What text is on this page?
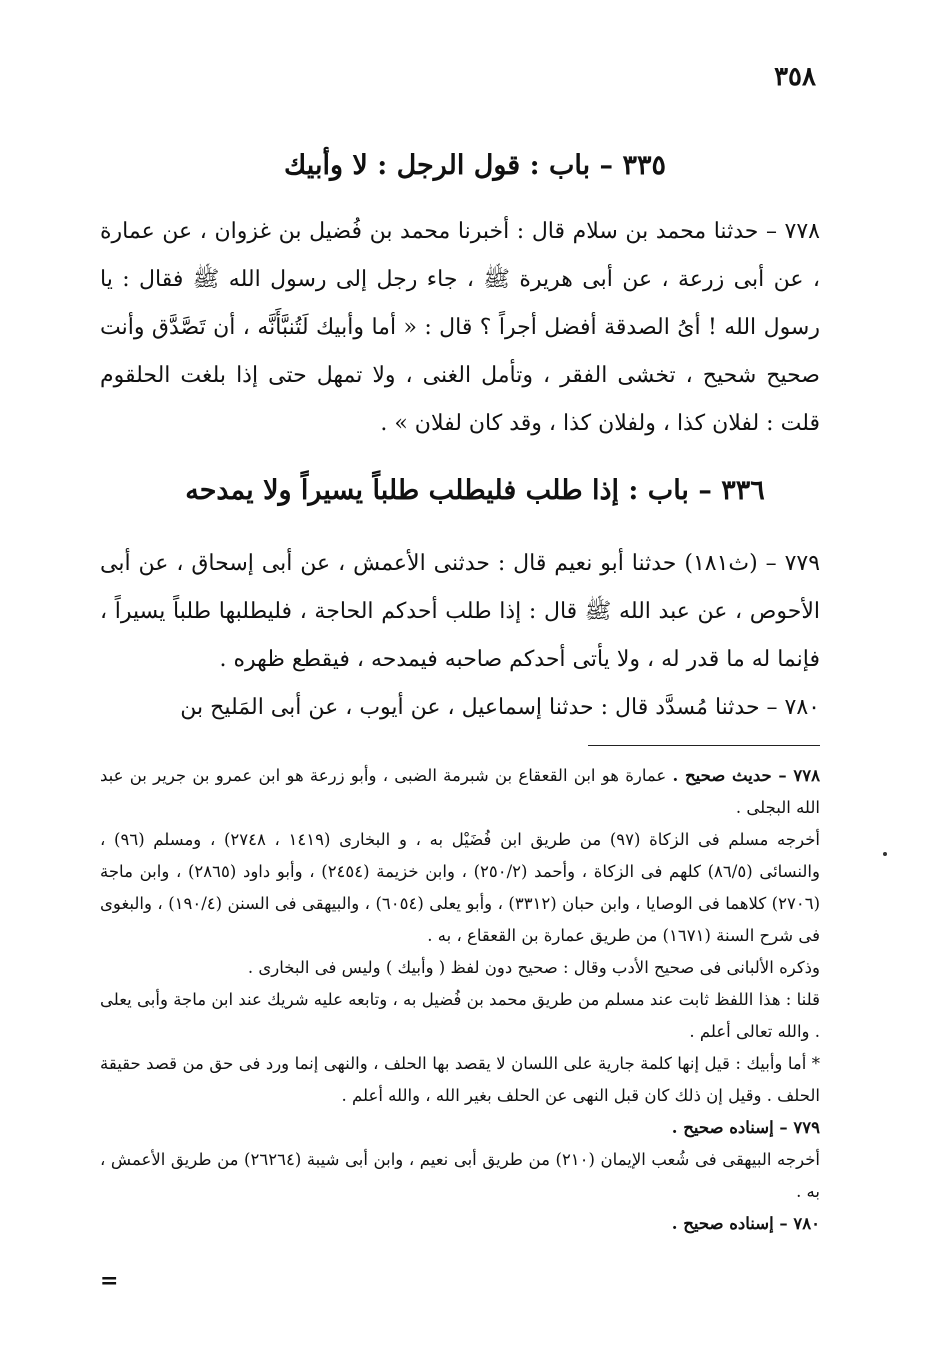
٣٥٨
٣٣٥ – باب : قول الرجل : لا وأبيك
٧٧٨ – حدثنا محمد بن سلام قال : أخبرنا محمد بن فُضيل بن غزوان ، عن عمارة ، عن أبى زرعة ، عن أبى هريرة ﷺ ، جاء رجل إلى رسول الله ﷺ فقال : يا رسول الله ! أىُ الصدقة أفضل أجراً ؟ قال : « أما وأبيك لَتُنبَّأَنَّه ، أن تَصَّدَّق وأنت صحيح شحيح ، تخشى الفقر ، وتأمل الغنى ، ولا تمهل حتى إذا بلغت الحلقوم قلت : لفلان كذا ، ولفلان كذا ، وقد كان لفلان » .
٣٣٦ – باب : إذا طلب فليطلب طلباً يسيراً ولا يمدحه
٧٧٩ – (ث١٨١) حدثنا أبو نعيم قال : حدثنى الأعمش ، عن أبى إسحاق ، عن أبى الأحوص ، عن عبد الله ﷺ قال : إذا طلب أحدكم الحاجة ، فليطلبها طلباً يسيراً ، فإنما له ما قدر له ، ولا يأتى أحدكم صاحبه فيمدحه ، فيقطع ظهره .
٧٨٠ – حدثنا مُسدَّد قال : حدثنا إسماعيل ، عن أيوب ، عن أبى المَليح بن

٧٧٨ – حديث صحيح . عمارة هو ابن القعقاع بن شبرمة الضبى ، وأبو زرعة هو ابن عمرو بن جرير بن عبد الله البجلى .

أخرجه مسلم فى الزكاة (٩٧) من طريق ابن فُضَيْل به ، و البخارى (١٤١٩ ، ٢٧٤٨) ، ومسلم (٩٦) ، والنسائى (٨٦/٥) كلهم فى الزكاة ، وأحمد (٢٥٠/٢) ، وابن خزيمة (٢٤٥٤) ، وأبو داود (٢٨٦٥) ، وابن ماجة (٢٧٠٦) كلاهما فى الوصايا ، وابن حبان (٣٣١٢) ، وأبو يعلى (٦٠٥٤) ، والبيهقى فى السنن (١٩٠/٤) ، والبغوى فى شرح السنة (١٦٧١) من طريق عمارة بن القعقاع ، به .

وذكره الألبانى فى صحيح الأدب وقال : صحيح دون لفظ ( وأبيك ) وليس فى البخارى .

قلنا : هذا اللفظ ثابت عند مسلم من طريق محمد بن فُضيل به ، وتابعه عليه شريك عند ابن ماجة وأبى يعلى . والله تعالى أعلم .

* أما وأبيك : قيل إنها كلمة جارية على اللسان لا يقصد بها الحلف ، والنهى إنما ورد فى حق من قصد حقيقة الحلف . وقيل إن ذلك كان قبل النهى عن الحلف بغير الله ، والله أعلم .

٧٧٩ – إسناده صحيح .

أخرجه البيهقى فى شُعب الإيمان (٢١٠) من طريق أبى نعيم ، وابن أبى شيبة (٢٦٢٦٤) من طريق الأعمش ، به .

٧٨٠ – إسناده صحيح .

=
